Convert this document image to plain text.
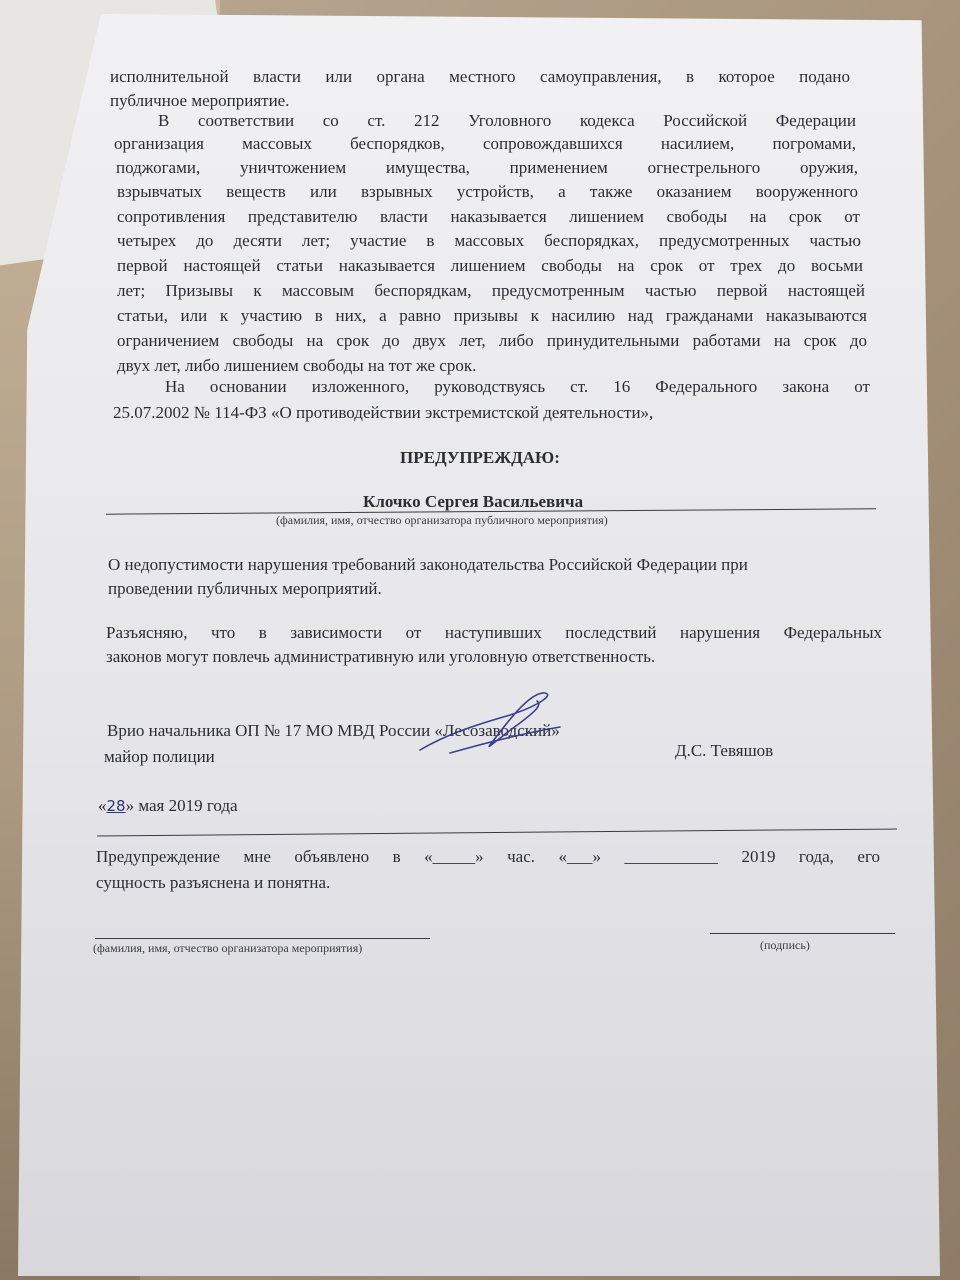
исполнительной власти или органа местного самоуправления, в которое подано
публичное мероприятие.
В соответствии со ст. 212 Уголовного кодекса Российской Федерации
организация массовых беспорядков, сопровождавшихся насилием, погромами,
поджогами, уничтожением имущества, применением огнестрельного оружия,
взрывчатых веществ или взрывных устройств, а также оказанием вооруженного
сопротивления представителю власти наказывается лишением свободы на срок от
четырех до десяти лет; участие в массовых беспорядках, предусмотренных частью
первой настоящей статьи наказывается лишением свободы на срок от трех до восьми
лет; Призывы к массовым беспорядкам, предусмотренным частью первой настоящей
статьи, или к участию в них, а равно призывы к насилию над гражданами наказываются
ограничением свободы на срок до двух лет, либо принудительными работами на срок до
двух лет, либо лишением свободы на тот же срок.
На основании изложенного, руководствуясь ст. 16 Федерального закона от
25.07.2002 № 114-ФЗ «О противодействии экстремистской деятельности»,
ПРЕДУПРЕЖДАЮ:
Клочко Сергея Васильевича
(фамилия, имя, отчество организатора публичного мероприятия)
О недопустимости нарушения требований законодательства Российской Федерации при
проведении публичных мероприятий.
Разъясняю, что в зависимости от наступивших последствий нарушения Федеральных
законов могут повлечь административную или уголовную ответственность.
Врио начальника ОП № 17 МО МВД России «Лесозаводский»
майор полиции	Д.С. Тевяшов
«28» мая 2019 года
Предупреждение мне объявлено в «_____» час. «___» ___________ 2019 года, его
сущность разъяснена и понятна.
(фамилия, имя, отчество организатора мероприятия)	(подпись)
